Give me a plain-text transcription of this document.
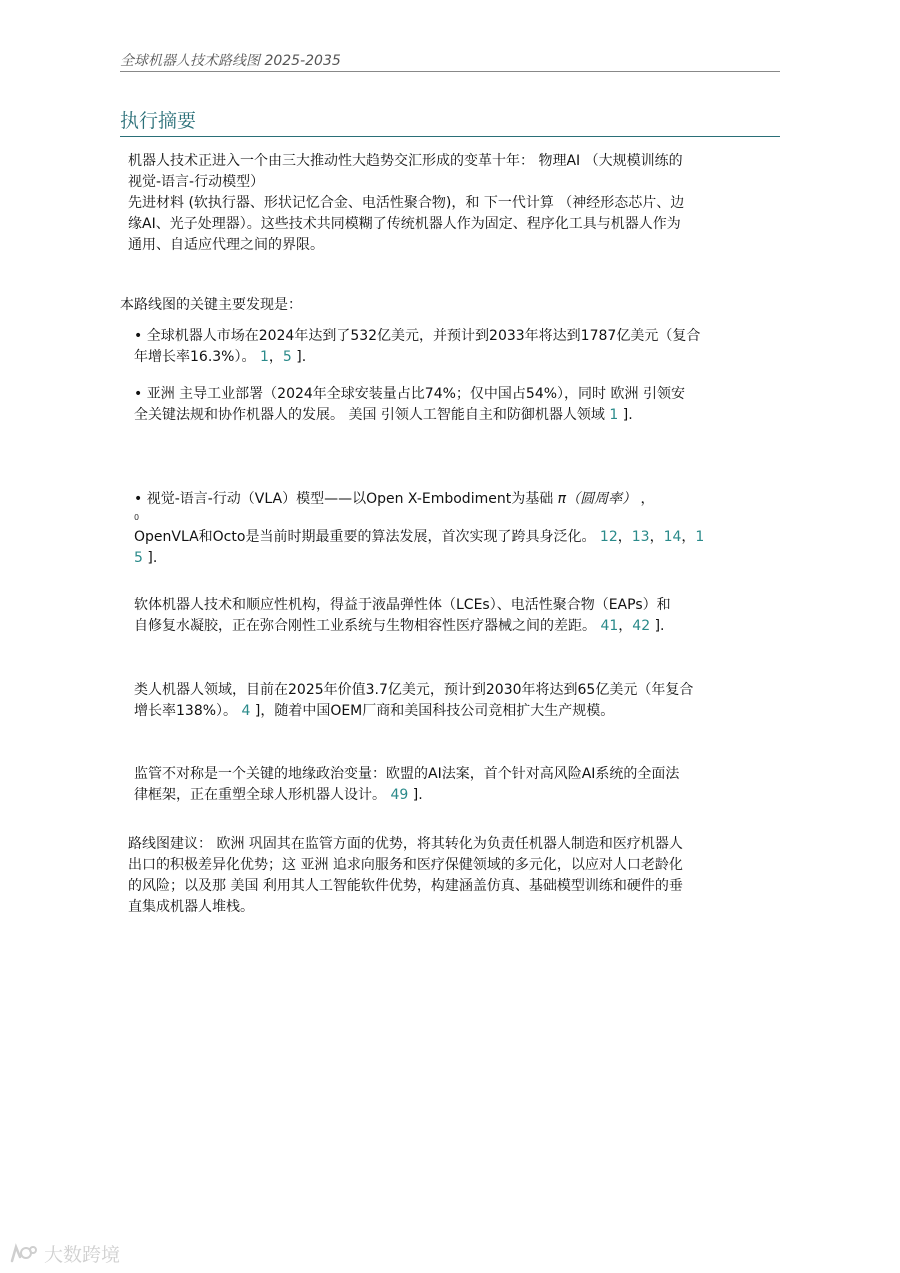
全球机器人技术路线图 2025-2035
执行摘要
机器人技术正进入一个由三大推动性大趋势交汇形成的变革十年： 物理AI （大规模训练的
视觉-语言-行动模型）
先进材料 (软执行器、形状记忆合金、电活性聚合物)，和 下一代计算 （神经形态芯片、边
缘AI、光子处理器）。这些技术共同模糊了传统机器人作为固定、程序化工具与机器人作为
通用、自适应代理之间的界限。
本路线图的关键主要发现是：
• 全球机器人市场在2024年达到了532亿美元，并预计到2033年将达到1787亿美元（复合
年增长率16.3%）。 1，5 ].
• 亚洲 主导工业部署（2024年全球安装量占比74%；仅中国占54%），同时 欧洲 引领安
全关键法规和协作机器人的发展。 美国 引领人工智能自主和防御机器人领域 1 ].
• 视觉-语言-行动（VLA）模型——以Open X-Embodiment为基础 π（圆周率） ，
0
OpenVLA和Octo是当前时期最重要的算法发展，首次实现了跨具身泛化。 12，13，14，1
5 ].
软体机器人技术和顺应性机构，得益于液晶弹性体（LCEs）、电活性聚合物（EAPs）和
自修复水凝胶，正在弥合刚性工业系统与生物相容性医疗器械之间的差距。 41，42 ].
类人机器人领域，目前在2025年价值3.7亿美元，预计到2030年将达到65亿美元（年复合
增长率138%）。 4 ]，随着中国OEM厂商和美国科技公司竞相扩大生产规模。
监管不对称是一个关键的地缘政治变量：欧盟的AI法案，首个针对高风险AI系统的全面法
律框架，正在重塑全球人形机器人设计。 49 ].
路线图建议： 欧洲 巩固其在监管方面的优势，将其转化为负责任机器人制造和医疗机器人
出口的积极差异化优势；这 亚洲 追求向服务和医疗保健领域的多元化，以应对人口老龄化
的风险；以及那 美国 利用其人工智能软件优势，构建涵盖仿真、基础模型训练和硬件的垂
直集成机器人堆栈。
大数跨境
